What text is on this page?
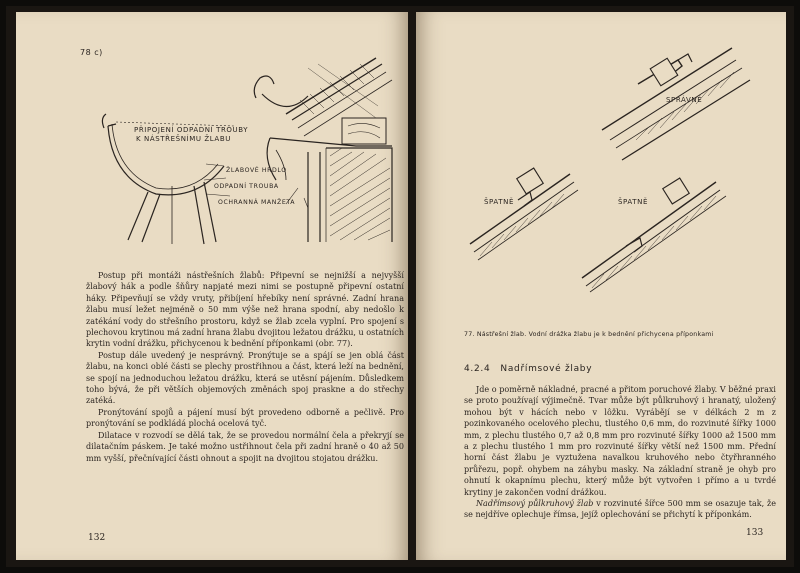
78 c)
PŘIPOJENÍ ODPADNÍ TROUBY
K NÁSTŘEŠNÍMU ŽLABU
ŽLABOVÉ HRDLO
ODPADNÍ TROUBA
OCHRANNÁ MANŽETA

Postup při montáži nástřešních žlabů: Připevní se nejnižší a nejvyšší žlabový hák a podle šňůry napjaté mezi nimi se postupně připevní ostatní háky. Připevňují se vždy vruty, přibíjení hřebíky není správné. Zadní hrana žlabu musí ležet nejméně o 50 mm výše než hrana spodní, aby nedošlo k zatékání vody do střešního prostoru, když se žlab zcela vyplní. Pro spojení s plechovou krytinou má zadní hrana žlabu dvojitou ležatou drážku, u ostatních krytin vodní drážku, přichycenou k bednění příponkami (obr. 77).

Postup dále uvedený je nesprávný. Pronýtuje se a spájí se jen oblá část žlabu, na konci oblé části se plechy prostřihnou a část, která leží na bednění, se spojí na jednoduchou ležatou drážku, která se utěsní pájením. Důsledkem toho bývá, že při větších objemových změnách spoj praskne a do střechy zatéká.

Pronýtování spojů a pájení musí být provedeno odborně a pečlivě. Pro pronýtování se podkládá plochá ocelová tyč.

Dilatace v rozvodí se dělá tak, že se provedou normální čela a překryjí se dilatačním páskem. Je také možno ustřihnout čela při zadní hraně o 40 až 50 mm vyšší, přečnívající části ohnout a spojit na dvojitou stojatou drážku.

132
SPRÁVNĚ
ŠPATNĚ	ŠPATNĚ
77. Nástřešní žlab. Vodní drážka žlabu je k bednění přichycena příponkami
4.2.4 Nadřímsové žlaby

Jde o poměrně nákladné, pracné a přitom poruchové žlaby. V běžné praxi se proto používají výjimečně. Tvar může být půlkruhový i hranatý, uložený mohou být v hácích nebo v lôžku. Vyrábějí se v délkách 2 m z pozinkovaného ocelového plechu, tlustého 0,6 mm, do rozvinuté šířky 1000 mm, z plechu tlustého 0,7 až 0,8 mm pro rozvinuté šířky 1000 až 1500 mm a z plechu tlustého 1 mm pro rozvinuté šířky větší než 1500 mm. Přední horní část žlabu je vyztužena navalkou kruhového nebo čtyřhranného průřezu, popř. ohybem na záhybu masky. Na základní straně je ohyb pro ohnutí k okapnímu plechu, který může být vytvořen i přímo a u tvrdé krytiny je zakončen vodní drážkou.

Nadřímsový půlkruhový žlab v rozvinuté šířce 500 mm se osazuje tak, že se nejdříve oplechuje římsa, jejíž oplechování se přichytí k příponkám.

133
